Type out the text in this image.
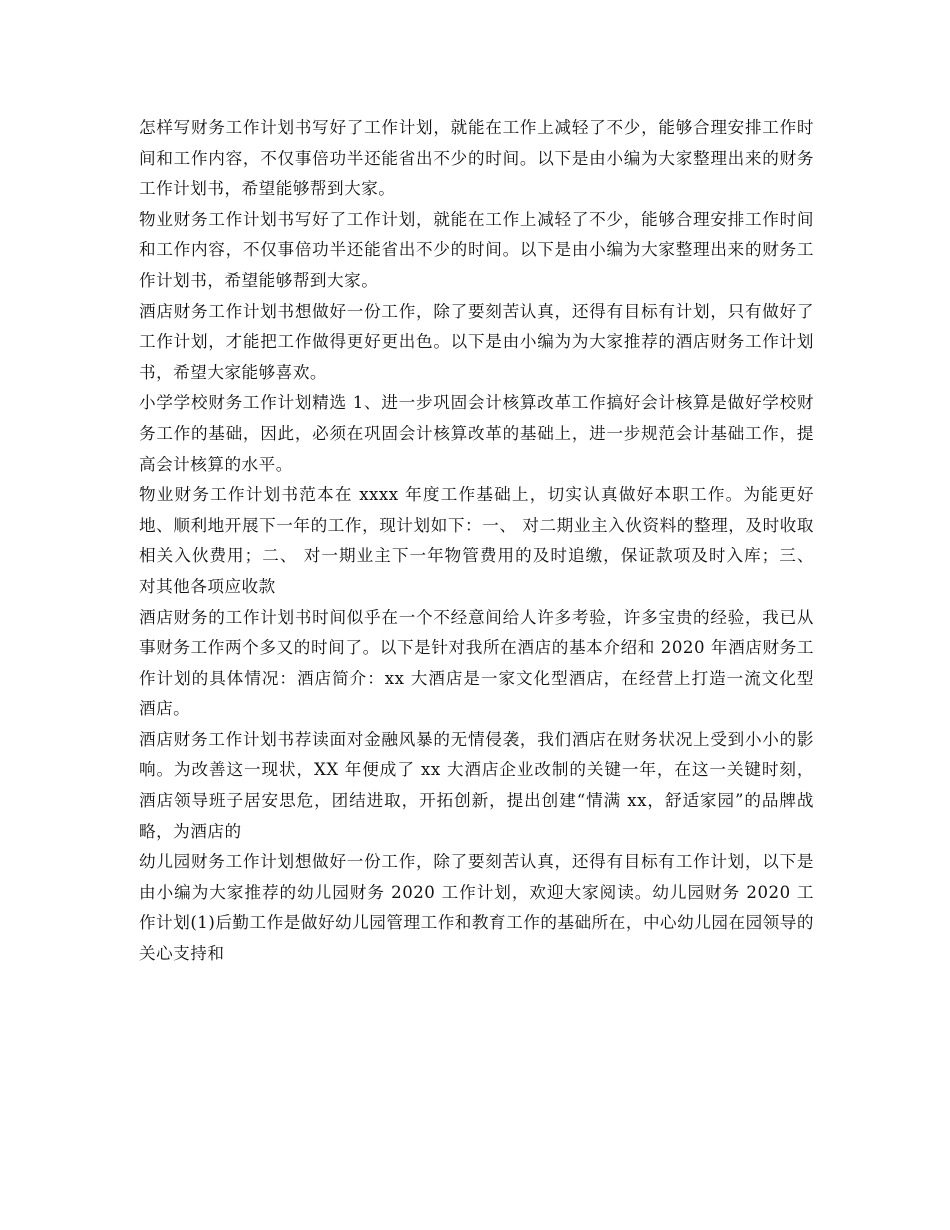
怎样写财务工作计划书写好了工作计划，就能在工作上减轻了不少，能够合理安排工作时间和工作内容，不仅事倍功半还能省出不少的时间。以下是由小编为大家整理出来的财务工作计划书，希望能够帮到大家。

物业财务工作计划书写好了工作计划，就能在工作上减轻了不少，能够合理安排工作时间和工作内容，不仅事倍功半还能省出不少的时间。以下是由小编为大家整理出来的财务工作计划书，希望能够帮到大家。

酒店财务工作计划书想做好一份工作，除了要刻苦认真，还得有目标有计划，只有做好了工作计划，才能把工作做得更好更出色。以下是由小编为为大家推荐的酒店财务工作计划书，希望大家能够喜欢。

小学学校财务工作计划精选 1、进一步巩固会计核算改革工作搞好会计核算是做好学校财务工作的基础，因此，必须在巩固会计核算改革的基础上，进一步规范会计基础工作，提高会计核算的水平。

物业财务工作计划书范本在 xxxx 年度工作基础上，切实认真做好本职工作。为能更好地、顺利地开展下一年的工作，现计划如下：一、 对二期业主入伙资料的整理，及时收取相关入伙费用；二、 对一期业主下一年物管费用的及时追缴，保证款项及时入库；三、 对其他各项应收款

酒店财务的工作计划书时间似乎在一个不经意间给人许多考验，许多宝贵的经验，我已从事财务工作两个多又的时间了。以下是针对我所在酒店的基本介绍和 2020 年酒店财务工作计划的具体情况：酒店简介：xx 大酒店是一家文化型酒店，在经营上打造一流文化型酒店。

酒店财务工作计划书荐读面对金融风暴的无情侵袭，我们酒店在财务状况上受到小小的影响。为改善这一现状，XX 年便成了 xx 大酒店企业改制的关键一年，在这一关键时刻，酒店领导班子居安思危，团结进取，开拓创新，提出创建“情满 xx，舒适家园”的品牌战略，为酒店的

幼儿园财务工作计划想做好一份工作，除了要刻苦认真，还得有目标有工作计划，以下是由小编为大家推荐的幼儿园财务 2020 工作计划，欢迎大家阅读。幼儿园财务 2020 工作计划(1)后勤工作是做好幼儿园管理工作和教育工作的基础所在，中心幼儿园在园领导的关心支持和
